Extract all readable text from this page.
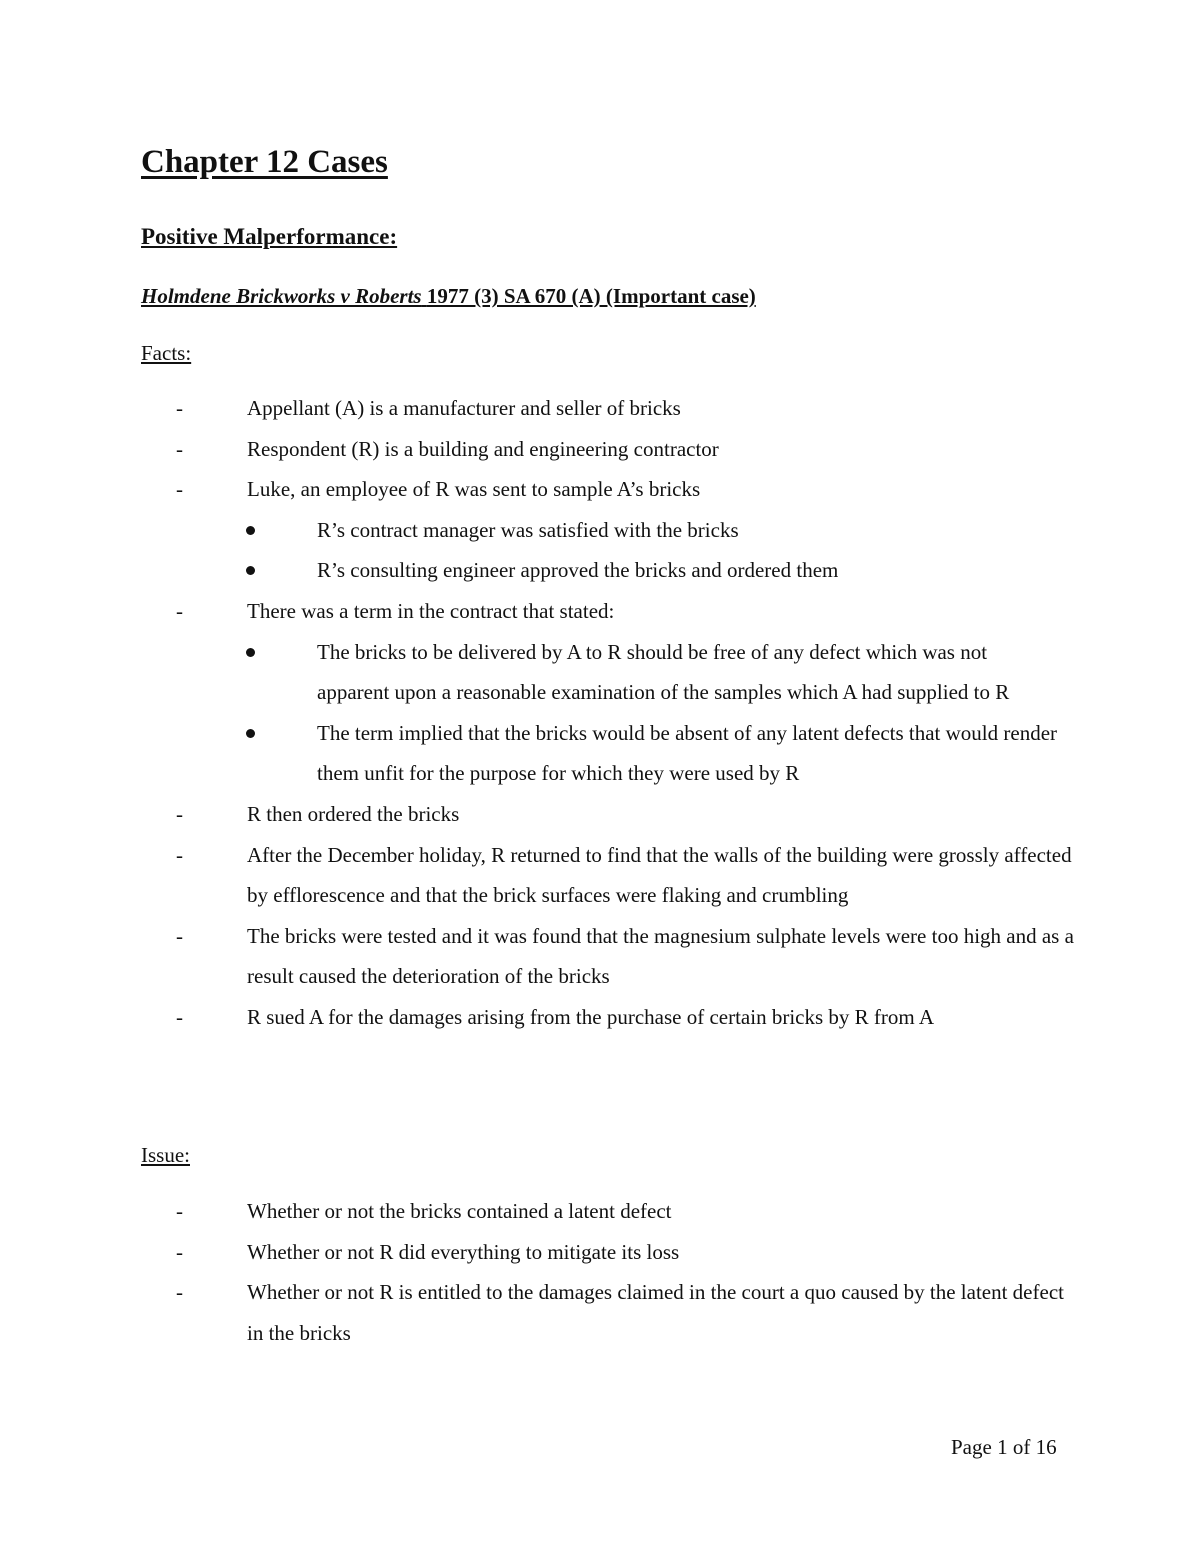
Chapter 12 Cases
Positive Malperformance:

Holmdene Brickworks v Roberts 1977 (3) SA 670 (A) (Important case)

Facts:

-	Appellant (A) is a manufacturer and seller of bricks
-	Respondent (R) is a building and engineering contractor
-	Luke, an employee of R was sent to sample A’s bricks
R’s contract manager was satisfied with the bricks
R’s consulting engineer approved the bricks and ordered them
-	There was a term in the contract that stated:
The bricks to be delivered by A to R should be free of any defect which was not apparent upon a reasonable examination of the samples which A had supplied to R
The term implied that the bricks would be absent of any latent defects that would render them unfit for the purpose for which they were used by R
-	R then ordered the bricks
-	After the December holiday, R returned to find that the walls of the building were grossly affected by efflorescence and that the brick surfaces were flaking and crumbling
-	The bricks were tested and it was found that the magnesium sulphate levels were too high and as a result caused the deterioration of the bricks
-	R sued A for the damages arising from the purchase of certain bricks by R from A

Issue:

-	Whether or not the bricks contained a latent defect
-	Whether or not R did everything to mitigate its loss
-	Whether or not R is entitled to the damages claimed in the court a quo caused by the latent defect in the bricks
Page 1 of 16
